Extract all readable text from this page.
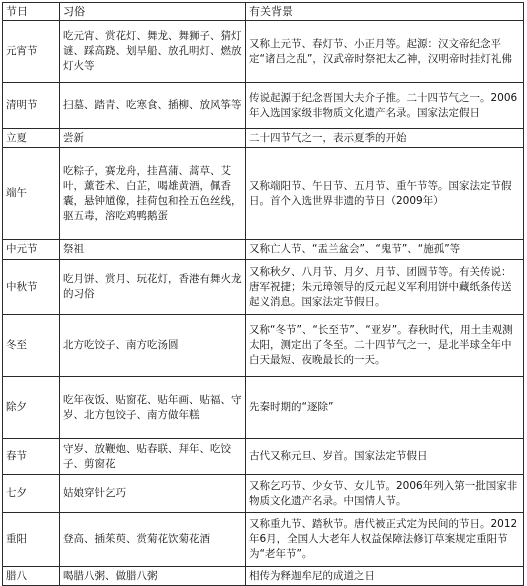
节日	习俗	有关背景
元宵节	吃元宵、赏花灯、舞龙、舞狮子、猜灯谜、踩高跷、划旱船、放孔明灯、燃放灯火等	又称上元节、春灯节、小正月等。起源：汉文帝纪念平定“诸吕之乱”，汉武帝时祭祀太乙神，汉明帝时挂灯礼佛
清明节	扫墓、踏青、吃寒食、插柳、放风筝等	传说起源于纪念晋国大夫介子推。二十四节气之一。2006年入选国家级非物质文化遗产名录。国家法定假日
立夏	尝新	二十四节气之一，表示夏季的开始
端午	吃粽子，赛龙舟，挂菖蒲、蒿草、艾叶，薰苍术、白芷，喝雄黄酒，佩香囊，悬钟馗像，挂荷包和拴五色丝线，驱五毒，溶吃鸡鸭鹅蛋	又称端阳节、午日节、五月节、重午节等。国家法定节假日。首个入选世界非遗的节日（2009年）
中元节	祭祖	又称亡人节、“盂兰盆会”、“鬼节”、“施孤”等
中秋节	吃月饼、赏月、玩花灯，香港有舞火龙的习俗	又称秋夕、八月节、月夕、月节、团圆节等。有关传说：唐军祝捷；朱元璋领导的反元起义军利用饼中藏纸条传送起义消息。国家法定节假日。
冬至	北方吃饺子、南方吃汤圆	又称“冬节”、“长至节”、“亚岁”。春秋时代，用土圭观测太阳，测定出了冬至。二十四节气之一，是北半球全年中白天最短、夜晚最长的一天。
除夕	吃年夜饭、贴窗花、贴年画、贴福、守岁、北方包饺子、南方做年糕	先秦时期的“逐除”
春节	守岁、放鞭炮、贴春联、拜年、吃饺子、剪窗花	古代又称元旦、岁首。国家法定节假日
七夕	姑娘穿针乞巧	又称乞巧节、少女节、女儿节。2006年列入第一批国家非物质文化遗产名录。中国情人节。
重阳	登高、插茱萸、赏菊花饮菊花酒	又称重九节、踏秋节。唐代被正式定为民间的节日。2012年6月，全国人大老年人权益保障法修订草案规定重阳节为“老年节”。
腊八	喝腊八粥、做腊八粥	相传为释迦牟尼的成道之日
